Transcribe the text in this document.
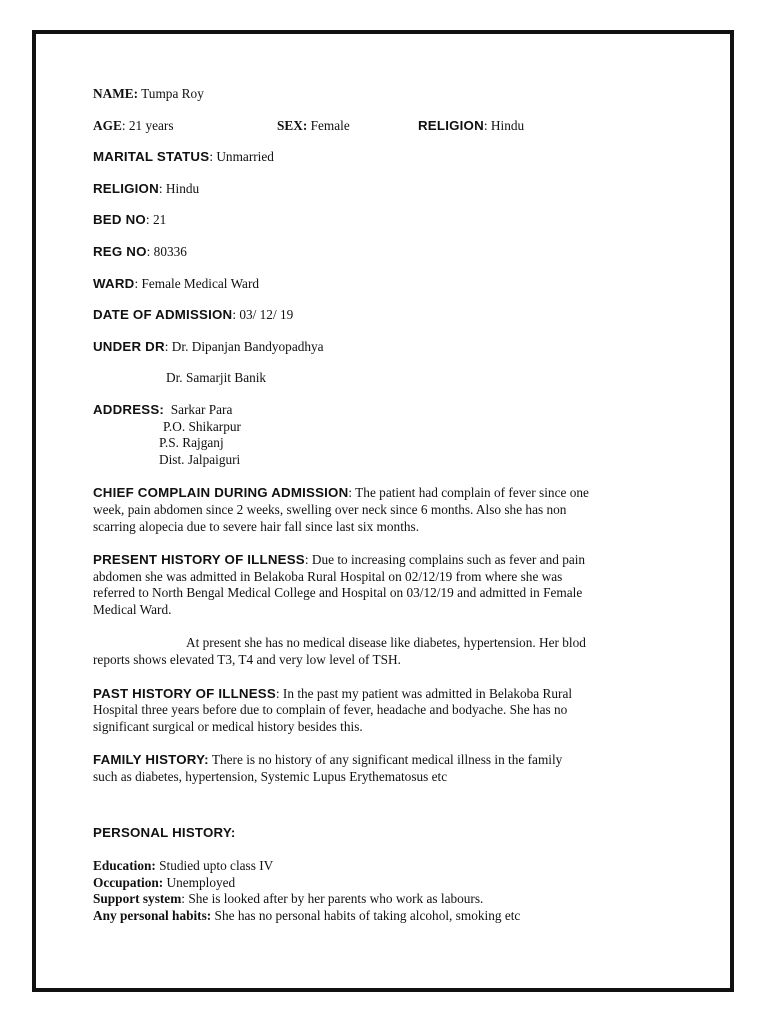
NAME: Tumpa Roy
AGE: 21 years	SEX: Female	RELIGION: Hindu
MARITAL STATUS: Unmarried
RELIGION: Hindu
BED NO: 21
REG NO: 80336
WARD: Female Medical Ward
DATE OF ADMISSION: 03/ 12/ 19
UNDER DR: Dr. Dipanjan Bandyopadhya
Dr. Samarjit Banik
ADDRESS: Sarkar Para
P.O. Shikarpur
P.S. Rajganj
Dist. Jalpaiguri
CHIEF COMPLAIN DURING ADMISSION: The patient had complain of fever since one
week, pain abdomen since 2 weeks, swelling over neck since 6 months. Also she has non
scarring alopecia due to severe hair fall since last six months.
PRESENT HISTORY OF ILLNESS: Due to increasing complains such as fever and pain
abdomen she was admitted in Belakoba Rural Hospital on 02/12/19 from where she was
referred to North Bengal Medical College and Hospital on 03/12/19 and admitted in Female
Medical Ward.
At present she has no medical disease like diabetes, hypertension. Her blod
reports shows elevated T3, T4 and very low level of TSH.
PAST HISTORY OF ILLNESS: In the past my patient was admitted in Belakoba Rural
Hospital three years before due to complain of fever, headache and bodyache. She has no
significant surgical or medical history besides this.
FAMILY HISTORY: There is no history of any significant medical illness in the family
such as diabetes, hypertension, Systemic Lupus Erythematosus etc
PERSONAL HISTORY:
Education: Studied upto class IV
Occupation: Unemployed
Support system: She is looked after by her parents who work as labours.
Any personal habits: She has no personal habits of taking alcohol, smoking etc
